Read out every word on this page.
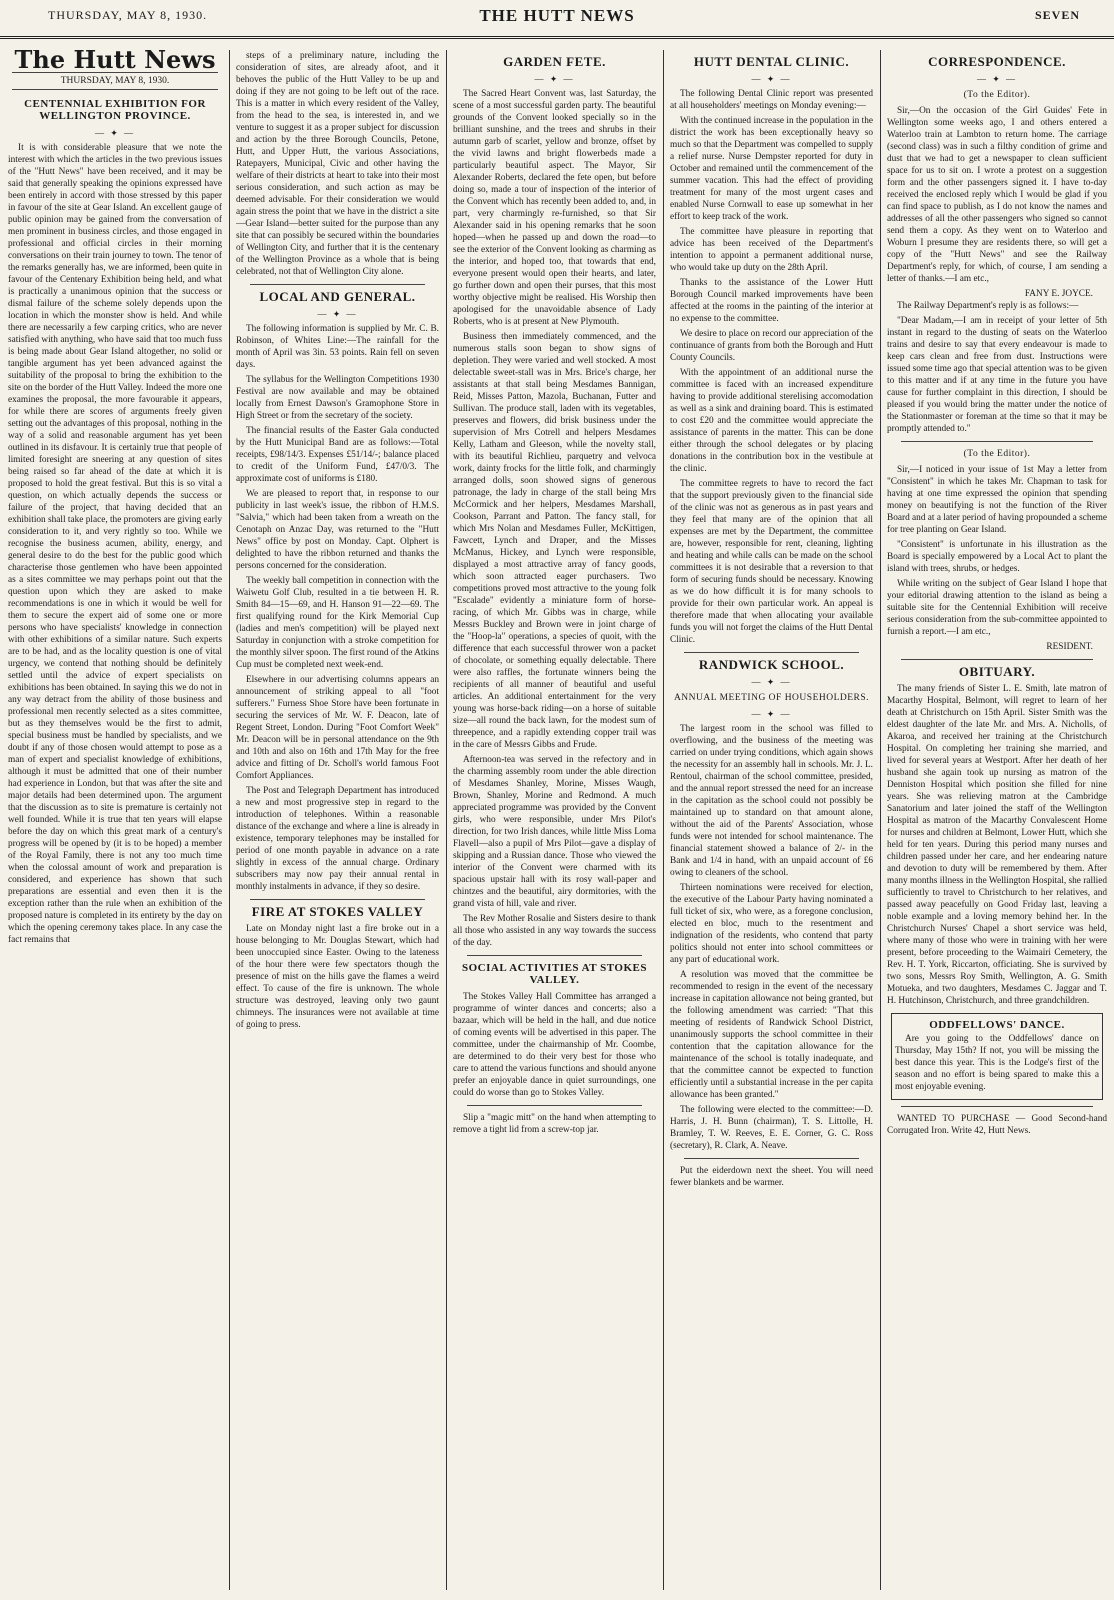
THURSDAY, MAY 8, 1930.	THE HUTT NEWS	SEVEN
The Hutt News
THURSDAY, MAY 8, 1930.
CENTENNIAL EXHIBITION FOR WELLINGTON PROVINCE.
— ✦ —

It is with considerable pleasure that we note the interest with which the articles in the two previous issues of the "Hutt News" have been received, and it may be said that generally speaking the opinions expressed have been entirely in accord with those stressed by this paper in favour of the site at Gear Island. An excellent gauge of public opinion may be gained from the conversation of men prominent in business circles, and those engaged in professional and official circles in their morning conversations on their train journey to town. The tenor of the remarks generally has, we are informed, been quite in favour of the Centenary Exhibition being held, and what is practically a unanimous opinion that the success or dismal failure of the scheme solely depends upon the location in which the monster show is held. And while there are necessarily a few carping critics, who are never satisfied with anything, who have said that too much fuss is being made about Gear Island altogether, no solid or tangible argument has yet been advanced against the suitability of the proposal to bring the exhibition to the site on the border of the Hutt Valley. Indeed the more one examines the proposal, the more favourable it appears, for while there are scores of arguments freely given setting out the advantages of this proposal, nothing in the way of a solid and reasonable argument has yet been outlined in its disfavour. It is certainly true that people of limited foresight are sneering at any question of sites being raised so far ahead of the date at which it is proposed to hold the great festival. But this is so vital a question, on which actually depends the success or failure of the project, that having decided that an exhibition shall take place, the promoters are giving early consideration to it, and very rightly so too. While we recognise the business acumen, ability, energy, and general desire to do the best for the public good which characterise those gentlemen who have been appointed as a sites committee we may perhaps point out that the question upon which they are asked to make recommendations is one in which it would be well for them to secure the expert aid of some one or more persons who have specialists' knowledge in connection with other exhibitions of a similar nature. Such experts are to be had, and as the locality question is one of vital urgency, we contend that nothing should be definitely settled until the advice of expert specialists on exhibitions has been obtained. In saying this we do not in any way detract from the ability of those business and professional men recently selected as a sites committee, but as they themselves would be the first to admit, special business must be handled by specialists, and we doubt if any of those chosen would attempt to pose as a man of expert and specialist knowledge of exhibitions, although it must be admitted that one of their number had experience in London, but that was after the site and major details had been determined upon. The argument that the discussion as to site is premature is certainly not well founded. While it is true that ten years will elapse before the day on which this great mark of a century's progress will be opened by (it is to be hoped) a member of the Royal Family, there is not any too much time when the colossal amount of work and preparation is considered, and experience has shown that such preparations are essential and even then it is the exception rather than the rule when an exhibition of the proposed nature is completed in its entirety by the day on which the opening ceremony takes place. In any case the fact remains that

steps of a preliminary nature, including the consideration of sites, are already afoot, and it behoves the public of the Hutt Valley to be up and doing if they are not going to be left out of the race. This is a matter in which every resident of the Valley, from the head to the sea, is interested in, and we venture to suggest it as a proper subject for discussion and action by the three Borough Councils, Petone, Hutt, and Upper Hutt, the various Associations, Ratepayers, Municipal, Civic and other having the welfare of their districts at heart to take into their most serious consideration, and such action as may be deemed advisable. For their consideration we would again stress the point that we have in the district a site—Gear Island—better suited for the purpose than any site that can possibly be secured within the boundaries of Wellington City, and further that it is the centenary of the Wellington Province as a whole that is being celebrated, not that of Wellington City alone.

LOCAL AND GENERAL.
— ✦ —

The following information is supplied by Mr. C. B. Robinson, of Whites Line:—The rainfall for the month of April was 3in. 53 points. Rain fell on seven days.

The syllabus for the Wellington Competitions 1930 Festival are now available and may be obtained locally from Ernest Dawson's Gramophone Store in High Street or from the secretary of the society.

The financial results of the Easter Gala conducted by the Hutt Municipal Band are as follows:—Total receipts, £98/14/3. Expenses £51/14/-; balance placed to credit of the Uniform Fund, £47/0/3. The approximate cost of uniforms is £180.

We are pleased to report that, in response to our publicity in last week's issue, the ribbon of H.M.S. "Salvia," which had been taken from a wreath on the Cenotaph on Anzac Day, was returned to the "Hutt News" office by post on Monday. Capt. Olphert is delighted to have the ribbon returned and thanks the persons concerned for the consideration.

The weekly ball competition in connection with the Waiwetu Golf Club, resulted in a tie between H. R. Smith 84—15—69, and H. Hanson 91—22—69. The first qualifying round for the Kirk Memorial Cup (ladies and men's competition) will be played next Saturday in conjunction with a stroke competition for the monthly silver spoon. The first round of the Atkins Cup must be completed next week-end.

Elsewhere in our advertising columns appears an announcement of striking appeal to all "foot sufferers." Furness Shoe Store have been fortunate in securing the services of Mr. W. F. Deacon, late of Regent Street, London. During "Foot Comfort Week" Mr. Deacon will be in personal attendance on the 9th and 10th and also on 16th and 17th May for the free advice and fitting of Dr. Scholl's world famous Foot Comfort Appliances.

The Post and Telegraph Department has introduced a new and most progressive step in regard to the introduction of telephones. Within a reasonable distance of the exchange and where a line is already in existence, temporary telephones may be installed for period of one month payable in advance on a rate slightly in excess of the annual charge. Ordinary subscribers may now pay their annual rental in monthly instalments in advance, if they so desire.

FIRE AT STOKES VALLEY

Late on Monday night last a fire broke out in a house belonging to Mr. Douglas Stewart, which had been unoccupied since Easter. Owing to the lateness of the hour there were few spectators though the presence of mist on the hills gave the flames a weird effect. To cause of the fire is unknown. The whole structure was destroyed, leaving only two gaunt chimneys. The insurances were not available at time of going to press.

GARDEN FETE.
— ✦ —

The Sacred Heart Convent was, last Saturday, the scene of a most successful garden party. The beautiful grounds of the Convent looked specially so in the brilliant sunshine, and the trees and shrubs in their autumn garb of scarlet, yellow and bronze, offset by the vivid lawns and bright flowerbeds made a particularly beautiful aspect. The Mayor, Sir Alexander Roberts, declared the fete open, but before doing so, made a tour of inspection of the interior of the Convent which has recently been added to, and, in part, very charmingly re-furnished, so that Sir Alexander said in his opening remarks that he soon hoped—when he passed up and down the road—to see the exterior of the Convent looking as charming as the interior, and hoped too, that towards that end, everyone present would open their hearts, and later, go further down and open their purses, that this most worthy objective might be realised. His Worship then apologised for the unavoidable absence of Lady Roberts, who is at present at New Plymouth.

Business then immediately commenced, and the numerous stalls soon began to show signs of depletion. They were varied and well stocked. A most delectable sweet-stall was in Mrs. Brice's charge, her assistants at that stall being Mesdames Bannigan, Reid, Misses Patton, Mazola, Buchanan, Futter and Sullivan. The produce stall, laden with its vegetables, preserves and flowers, did brisk business under the supervision of Mrs Cotrell and helpers Mesdames Kelly, Latham and Gleeson, while the novelty stall, with its beautiful Richlieu, parquetry and velvoca work, dainty frocks for the little folk, and charmingly arranged dolls, soon showed signs of generous patronage, the lady in charge of the stall being Mrs McCormick and her helpers, Mesdames Marshall, Cookson, Parrant and Patton. The fancy stall, for which Mrs Nolan and Mesdames Fuller, McKittigen, Fawcett, Lynch and Draper, and the Misses McManus, Hickey, and Lynch were responsible, displayed a most attractive array of fancy goods, which soon attracted eager purchasers. Two competitions proved most attractive to the young folk "Escalade" evidently a miniature form of horse-racing, of which Mr. Gibbs was in charge, while Messrs Buckley and Brown were in joint charge of the "Hoop-la" operations, a species of quoit, with the difference that each successful thrower won a packet of chocolate, or something equally delectable. There were also raffles, the fortunate winners being the recipients of all manner of beautiful and useful articles. An additional entertainment for the very young was horse-back riding—on a horse of suitable size—all round the back lawn, for the modest sum of threepence, and a rapidly extending copper trail was in the care of Messrs Gibbs and Frude.

Afternoon-tea was served in the refectory and in the charming assembly room under the able direction of Mesdames Shanley, Morine, Misses Waugh, Brown, Shanley, Morine and Redmond. A much appreciated programme was provided by the Convent girls, who were responsible, under Mrs Pilot's direction, for two Irish dances, while little Miss Loma Flavell—also a pupil of Mrs Pilot—gave a display of skipping and a Russian dance. Those who viewed the interior of the Convent were charmed with its spacious upstair hall with its rosy wall-paper and chintzes and the beautiful, airy dormitories, with the grand vista of hill, vale and river.

The Rev Mother Rosalie and Sisters desire to thank all those who assisted in any way towards the success of the day.

SOCIAL ACTIVITIES AT STOKES VALLEY.

The Stokes Valley Hall Committee has arranged a programme of winter dances and concerts; also a bazaar, which will be held in the hall, and due notice of coming events will be advertised in this paper. The committee, under the chairmanship of Mr. Coombe, are determined to do their very best for those who care to attend the various functions and should anyone prefer an enjoyable dance in quiet surroundings, one could do worse than go to Stokes Valley.

Slip a "magic mitt" on the hand when attempting to remove a tight lid from a screw-top jar.

HUTT DENTAL CLINIC.
— ✦ —

The following Dental Clinic report was presented at all householders' meetings on Monday evening:—

With the continued increase in the population in the district the work has been exceptionally heavy so much so that the Department was compelled to supply a relief nurse. Nurse Dempster reported for duty in October and remained until the commencement of the summer vacation. This had the effect of providing treatment for many of the most urgent cases and enabled Nurse Cornwall to ease up somewhat in her effort to keep track of the work.

The committee have pleasure in reporting that advice has been received of the Department's intention to appoint a permanent additional nurse, who would take up duty on the 28th April.

Thanks to the assistance of the Lower Hutt Borough Council marked improvements have been affected at the rooms in the painting of the interior at no expense to the committee.

We desire to place on record our appreciation of the continuance of grants from both the Borough and Hutt County Councils.

With the appointment of an additional nurse the committee is faced with an increased expenditure having to provide additional sterelising accomodation as well as a sink and draining board. This is estimated to cost £20 and the committee would appreciate the assistance of parents in the matter. This can be done either through the school delegates or by placing donations in the contribution box in the vestibule at the clinic.

The committee regrets to have to record the fact that the support previously given to the financial side of the clinic was not as generous as in past years and they feel that many are of the opinion that all expenses are met by the Department, the committee are, however, responsible for rent, cleaning, lighting and heating and while calls can be made on the school committees it is not desirable that a reversion to that form of securing funds should be necessary. Knowing as we do how difficult it is for many schools to provide for their own particular work. An appeal is therefore made that when allocating your available funds you will not forget the claims of the Hutt Dental Clinic.

RANDWICK SCHOOL.
— ✦ —
ANNUAL MEETING OF HOUSEHOLDERS.
— ✦ —

The largest room in the school was filled to overflowing, and the business of the meeting was carried on under trying conditions, which again shows the necessity for an assembly hall in schools. Mr. J. L. Rentoul, chairman of the school committee, presided, and the annual report stressed the need for an increase in the capitation as the school could not possibly be maintained up to standard on that amount alone, without the aid of the Parents' Association, whose funds were not intended for school maintenance. The financial statement showed a balance of 2/- in the Bank and 1/4 in hand, with an unpaid account of £6 owing to cleaners of the school.

Thirteen nominations were received for election, the executive of the Labour Party having nominated a full ticket of six, who were, as a foregone conclusion, elected en bloc, much to the resentment and indignation of the residents, who contend that party politics should not enter into school committees or any part of educational work.

A resolution was moved that the committee be recommended to resign in the event of the necessary increase in capitation allowance not being granted, but the following amendment was carried: "That this meeting of residents of Randwick School District, unanimously supports the school committee in their contention that the capitation allowance for the maintenance of the school is totally inadequate, and that the committee cannot be expected to function efficiently until a substantial increase in the per capita allowance has been granted."

The following were elected to the committee:—D. Harris, J. H. Bunn (chairman), T. S. Littolle, H. Bramley, T. W. Reeves, E. E. Corner, G. C. Ross (secretary), R. Clark, A. Neave.

Put the eiderdown next the sheet. You will need fewer blankets and be warmer.

CORRESPONDENCE.
— ✦ —
(To the Editor).

Sir,—On the occasion of the Girl Guides' Fete in Wellington some weeks ago, I and others entered a Waterloo train at Lambton to return home. The carriage (second class) was in such a filthy condition of grime and dust that we had to get a newspaper to clean sufficient space for us to sit on. I wrote a protest on a suggestion form and the other passengers signed it. I have to-day received the enclosed reply which I would be glad if you can find space to publish, as I do not know the names and addresses of all the other passengers who signed so cannot send them a copy. As they went on to Waterloo and Woburn I presume they are residents there, so will get a copy of the "Hutt News" and see the Railway Department's reply, for which, of course, I am sending a letter of thanks.—I am etc.,

FANY E. JOYCE.

The Railway Department's reply is as follows:—

"Dear Madam,—I am in receipt of your letter of 5th instant in regard to the dusting of seats on the Waterloo trains and desire to say that every endeavour is made to keep cars clean and free from dust. Instructions were issued some time ago that special attention was to be given to this matter and if at any time in the future you have cause for further complaint in this direction, I should be pleased if you would bring the matter under the notice of the Stationmaster or foreman at the time so that it may be promptly attended to."

(To the Editor).

Sir,—I noticed in your issue of 1st May a letter from "Consistent" in which he takes Mr. Chapman to task for having at one time expressed the opinion that spending money on beautifying is not the function of the River Board and at a later period of having propounded a scheme for tree planting on Gear Island.

"Consistent" is unfortunate in his illustration as the Board is specially empowered by a Local Act to plant the island with trees, shrubs, or hedges.

While writing on the subject of Gear Island I hope that your editorial drawing attention to the island as being a suitable site for the Centennial Exhibition will receive serious consideration from the sub-committee appointed to furnish a report.—I am etc.,

RESIDENT.
OBITUARY.

The many friends of Sister L. E. Smith, late matron of Macarthy Hospital, Belmont, will regret to learn of her death at Christchurch on 15th April. Sister Smith was the eldest daughter of the late Mr. and Mrs. A. Nicholls, of Akaroa, and received her training at the Christchurch Hospital. On completing her training she married, and lived for several years at Westport. After her death of her husband she again took up nursing as matron of the Denniston Hospital which position she filled for nine years. She was relieving matron at the Cambridge Sanatorium and later joined the staff of the Wellington Hospital as matron of the Macarthy Convalescent Home for nurses and children at Belmont, Lower Hutt, which she held for ten years. During this period many nurses and children passed under her care, and her endearing nature and devotion to duty will be remembered by them. After many months illness in the Wellington Hospital, she rallied sufficiently to travel to Christchurch to her relatives, and passed away peacefully on Good Friday last, leaving a noble example and a loving memory behind her. In the Christchurch Nurses' Chapel a short service was held, where many of those who were in training with her were present, before proceeding to the Waimairi Cemetery, the Rev. H. T. York, Riccarton, officiating. She is survived by two sons, Messrs Roy Smith, Wellington, A. G. Smith Motueka, and two daughters, Mesdames C. Jaggar and T. H. Hutchinson, Christchurch, and three grandchildren.

ODDFELLOWS' DANCE.

Are you going to the Oddfellows' dance on Thursday, May 15th? If not, you will be missing the best dance this year. This is the Lodge's first of the season and no effort is being spared to make this a most enjoyable evening.

WANTED TO PURCHASE — Good Second-hand Corrugated Iron. Write 42, Hutt News.
